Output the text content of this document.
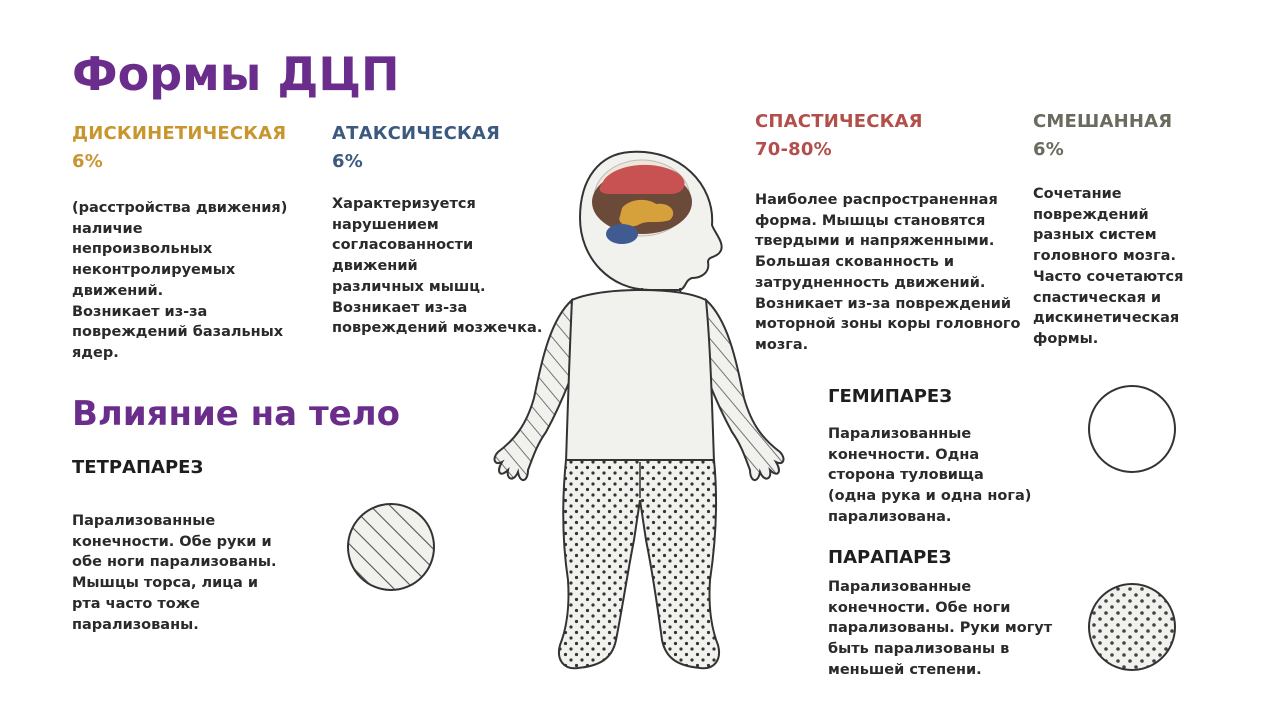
Формы ДЦП
ДИСКИНЕТИЧЕСКАЯ
6%
(расстройства движения)
наличие
непроизвольных
неконтролируемых
движений.
Возникает из-за
повреждений базальных
ядер.
АТАКСИЧЕСКАЯ
6%
Характеризуется
нарушением
согласованности
движений
различных мышц.
Возникает из-за
повреждений мозжечка.
СПАСТИЧЕСКАЯ
70-80%
Наиболее распространенная
форма. Мышцы становятся
твердыми и напряженными.
Большая скованность и
затрудненность движений.
Возникает из-за повреждений
моторной зоны коры головного
мозга.
СМЕШАННАЯ
6%
Сочетание
повреждений
разных систем
головного мозга.
Часто сочетаются
спастическая и
дискинетическая
формы.
Влияние на тело
ТЕТРАПАРЕЗ
Парализованные
конечности. Обе руки и
обе ноги парализованы.
Мышцы торса, лица и
рта часто тоже
парализованы.
ГЕМИПАРЕЗ
Парализованные
конечности. Одна
сторона туловища
(одна рука и одна нога)
парализована.
ПАРАПАРЕЗ
Парализованные
конечности. Обе ноги
парализованы. Руки могут
быть парализованы в
меньшей степени.
